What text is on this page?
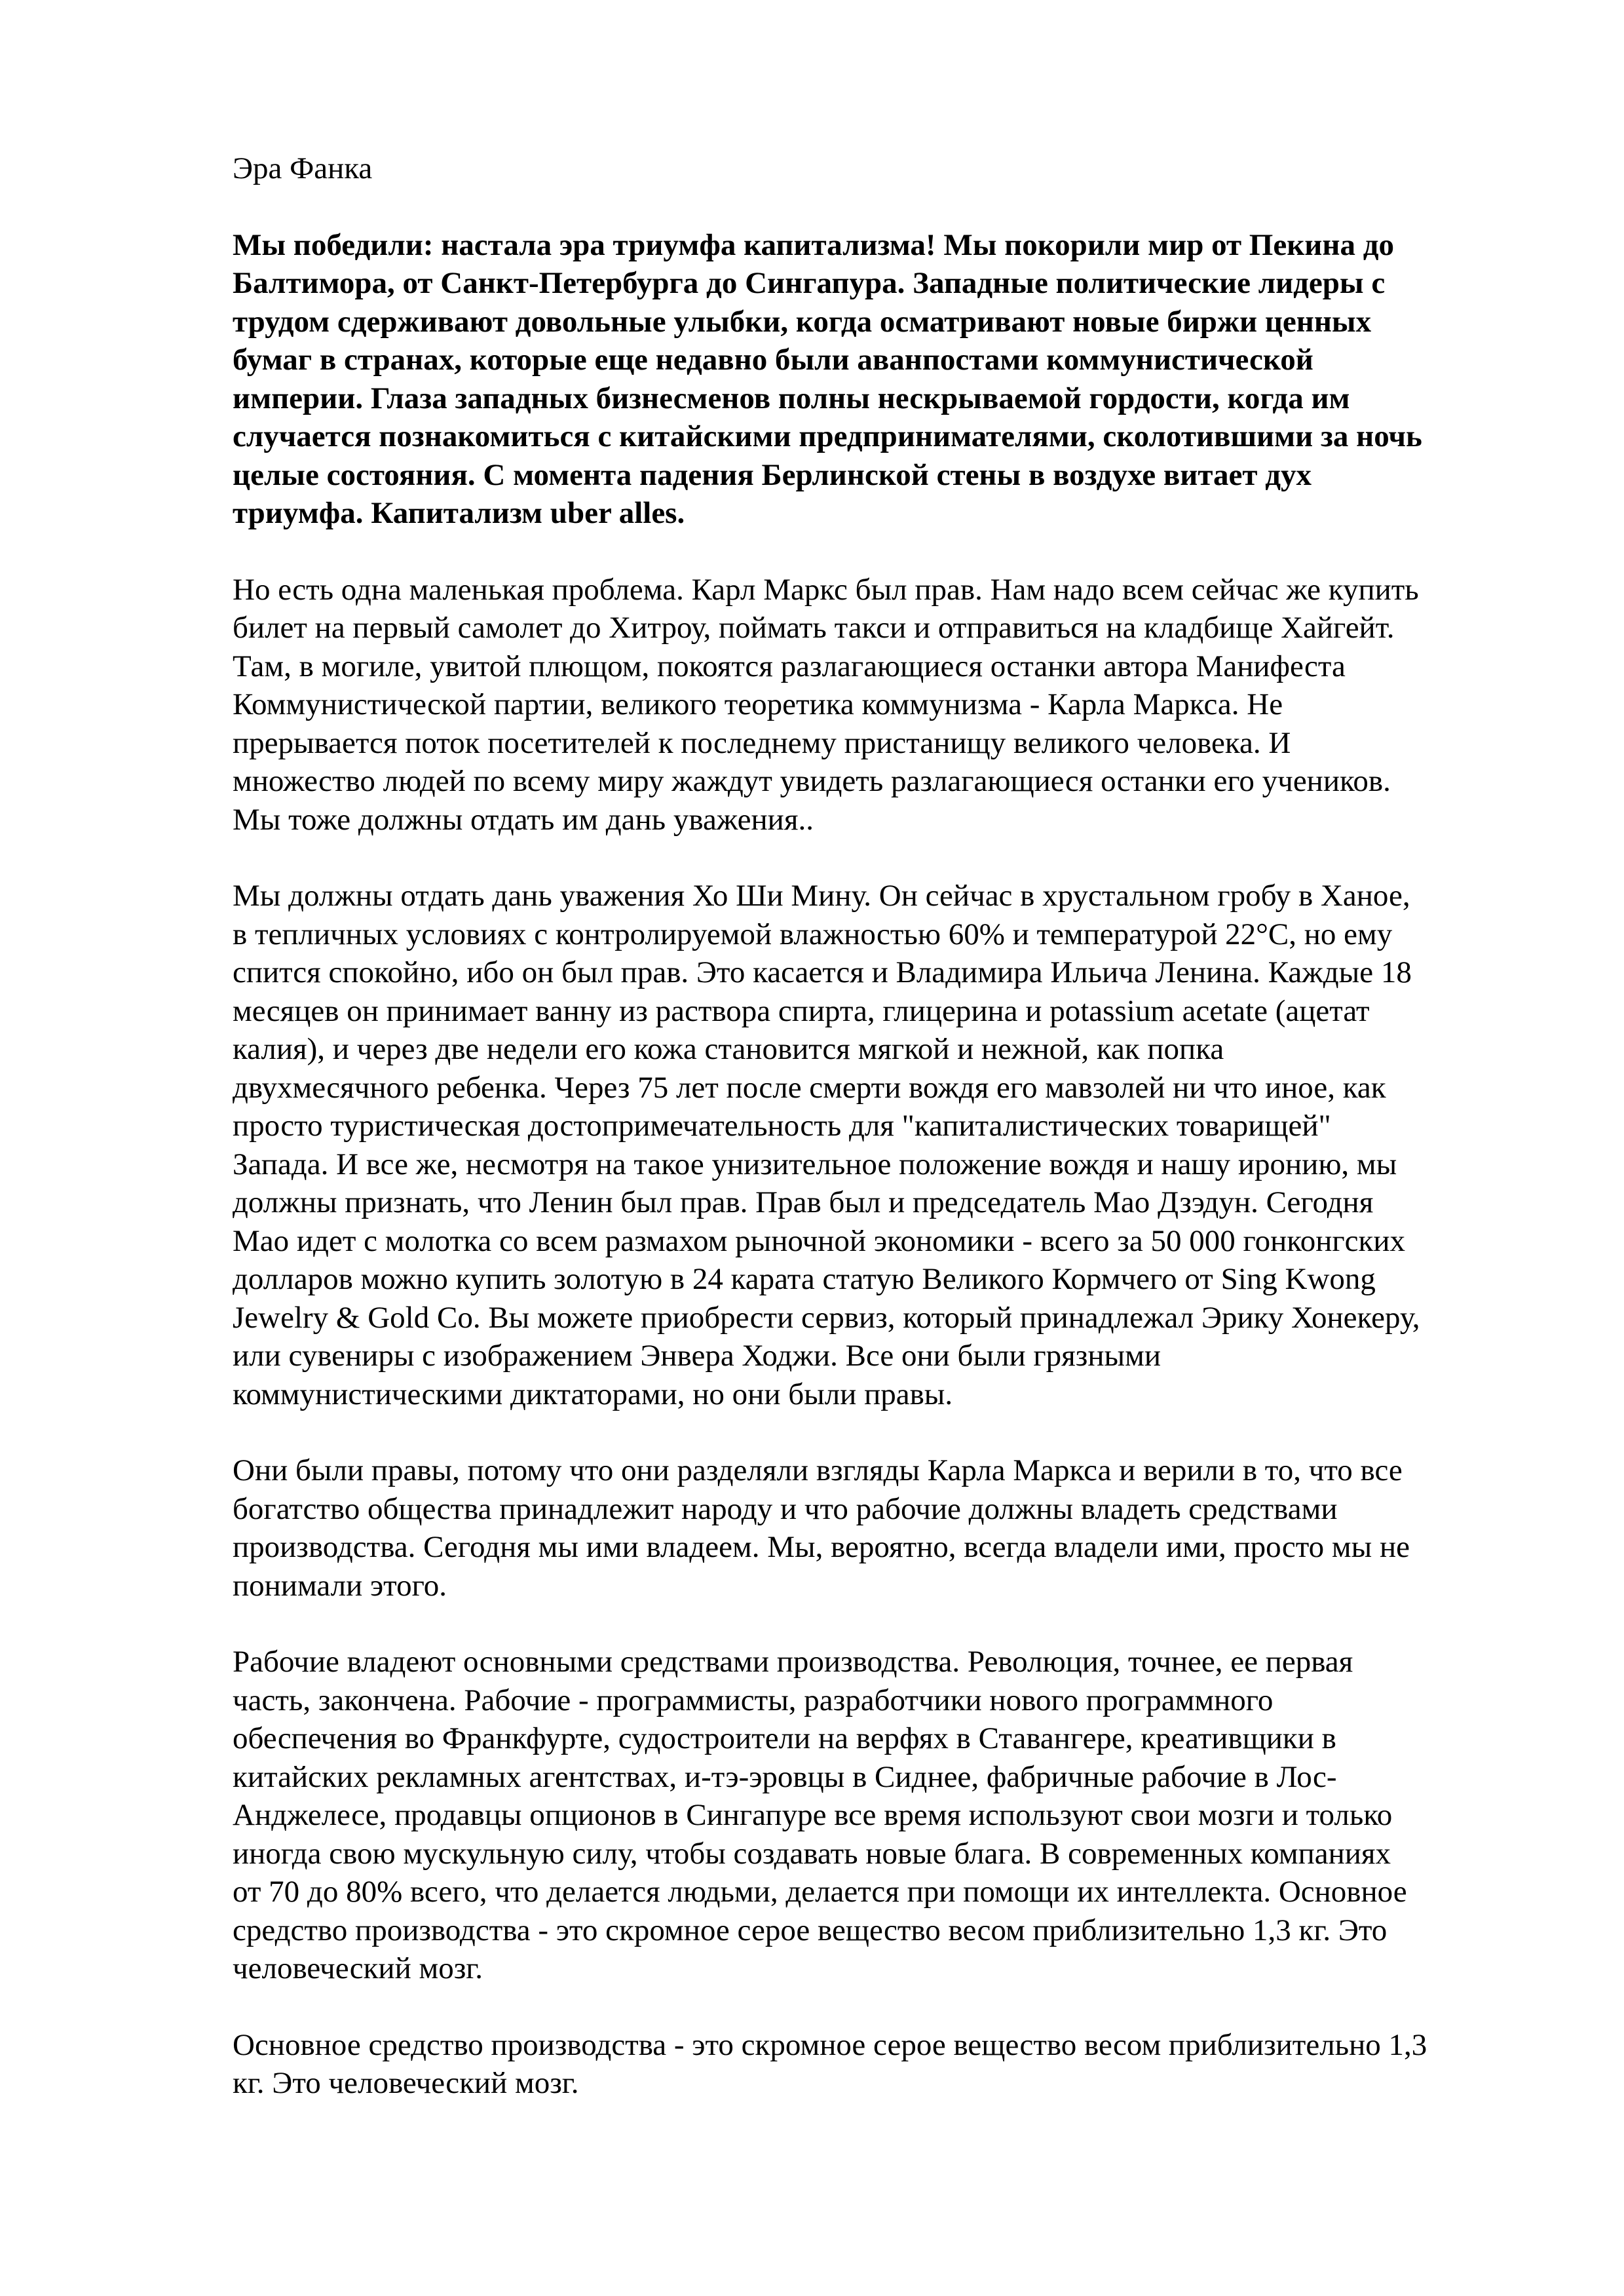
Эра Фанка

Мы победили: настала эра триумфа капитализма! Мы покорили мир от Пекина до
Балтимора, от Санкт-Петербурга до Сингапура. Западные политические лидеры с
трудом сдерживают довольные улыбки, когда осматривают новые биржи ценных
бумаг в странах, которые еще недавно были аванпостами коммунистической
империи. Глаза западных бизнесменов полны нескрываемой гордости, когда им
случается познакомиться с китайскими предпринимателями, сколотившими за ночь
целые состояния. С момента падения Берлинской стены в воздухе витает дух
триумфа. Капитализм uber alles.

Но есть одна маленькая проблема. Карл Маркс был прав. Нам надо всем сейчас же купить
билет на первый самолет до Хитроу, поймать такси и отправиться на кладбище Хайгейт.
Там, в могиле, увитой плющом, покоятся разлагающиеся останки автора Манифеста
Коммунистической партии, великого теоретика коммунизма - Карла Маркса. Не
прерывается поток посетителей к последнему пристанищу великого человека. И
множество людей по всему миру жаждут увидеть разлагающиеся останки его учеников.
Мы тоже должны отдать им дань уважения..

Мы должны отдать дань уважения Хо Ши Мину. Он сейчас в хрустальном гробу в Ханое,
в тепличных условиях с контролируемой влажностью 60% и температурой 22°С, но ему
спится спокойно, ибо он был прав. Это касается и Владимира Ильича Ленина. Каждые 18
месяцев он принимает ванну из раствора спирта, глицерина и potassium acetate (ацетат
калия), и через две недели его кожа становится мягкой и нежной, как попка
двухмесячного ребенка. Через 75 лет после смерти вождя его мавзолей ни что иное, как
просто туристическая достопримечательность для "капиталистических товарищей"
Запада. И все же, несмотря на такое унизительное положение вождя и нашу иронию, мы
должны признать, что Ленин был прав. Прав был и председатель Мао Дзэдун. Сегодня
Мао идет с молотка со всем размахом рыночной экономики - всего за 50 000 гонконгских
долларов можно купить золотую в 24 карата статую Великого Кормчего от Sing Kwong
Jewelry & Gold Co. Вы можете приобрести сервиз, который принадлежал Эрику Хонекеру,
или сувениры с изображением Энвера Ходжи. Все они были грязными
коммунистическими диктаторами, но они были правы.

Они были правы, потому что они разделяли взгляды Карла Маркса и верили в то, что все
богатство общества принадлежит народу и что рабочие должны владеть средствами
производства. Сегодня мы ими владеем. Мы, вероятно, всегда владели ими, просто мы не
понимали этого.

Рабочие владеют основными средствами производства. Революция, точнее, ее первая
часть, закончена. Рабочие - программисты, разработчики нового программного
обеспечения во Франкфурте, судостроители на верфях в Ставангере, креативщики в
китайских рекламных агентствах, и-тэ-эровцы в Сиднее, фабричные рабочие в Лос-
Анджелесе, продавцы опционов в Сингапуре все время используют свои мозги и только
иногда свою мускульную силу, чтобы создавать новые блага. В современных компаниях
от 70 до 80% всего, что делается людьми, делается при помощи их интеллекта. Основное
средство производства - это скромное серое вещество весом приблизительно 1,3 кг. Это
человеческий мозг.

Основное средство производства - это скромное серое вещество весом приблизительно 1,3
кг. Это человеческий мозг.
